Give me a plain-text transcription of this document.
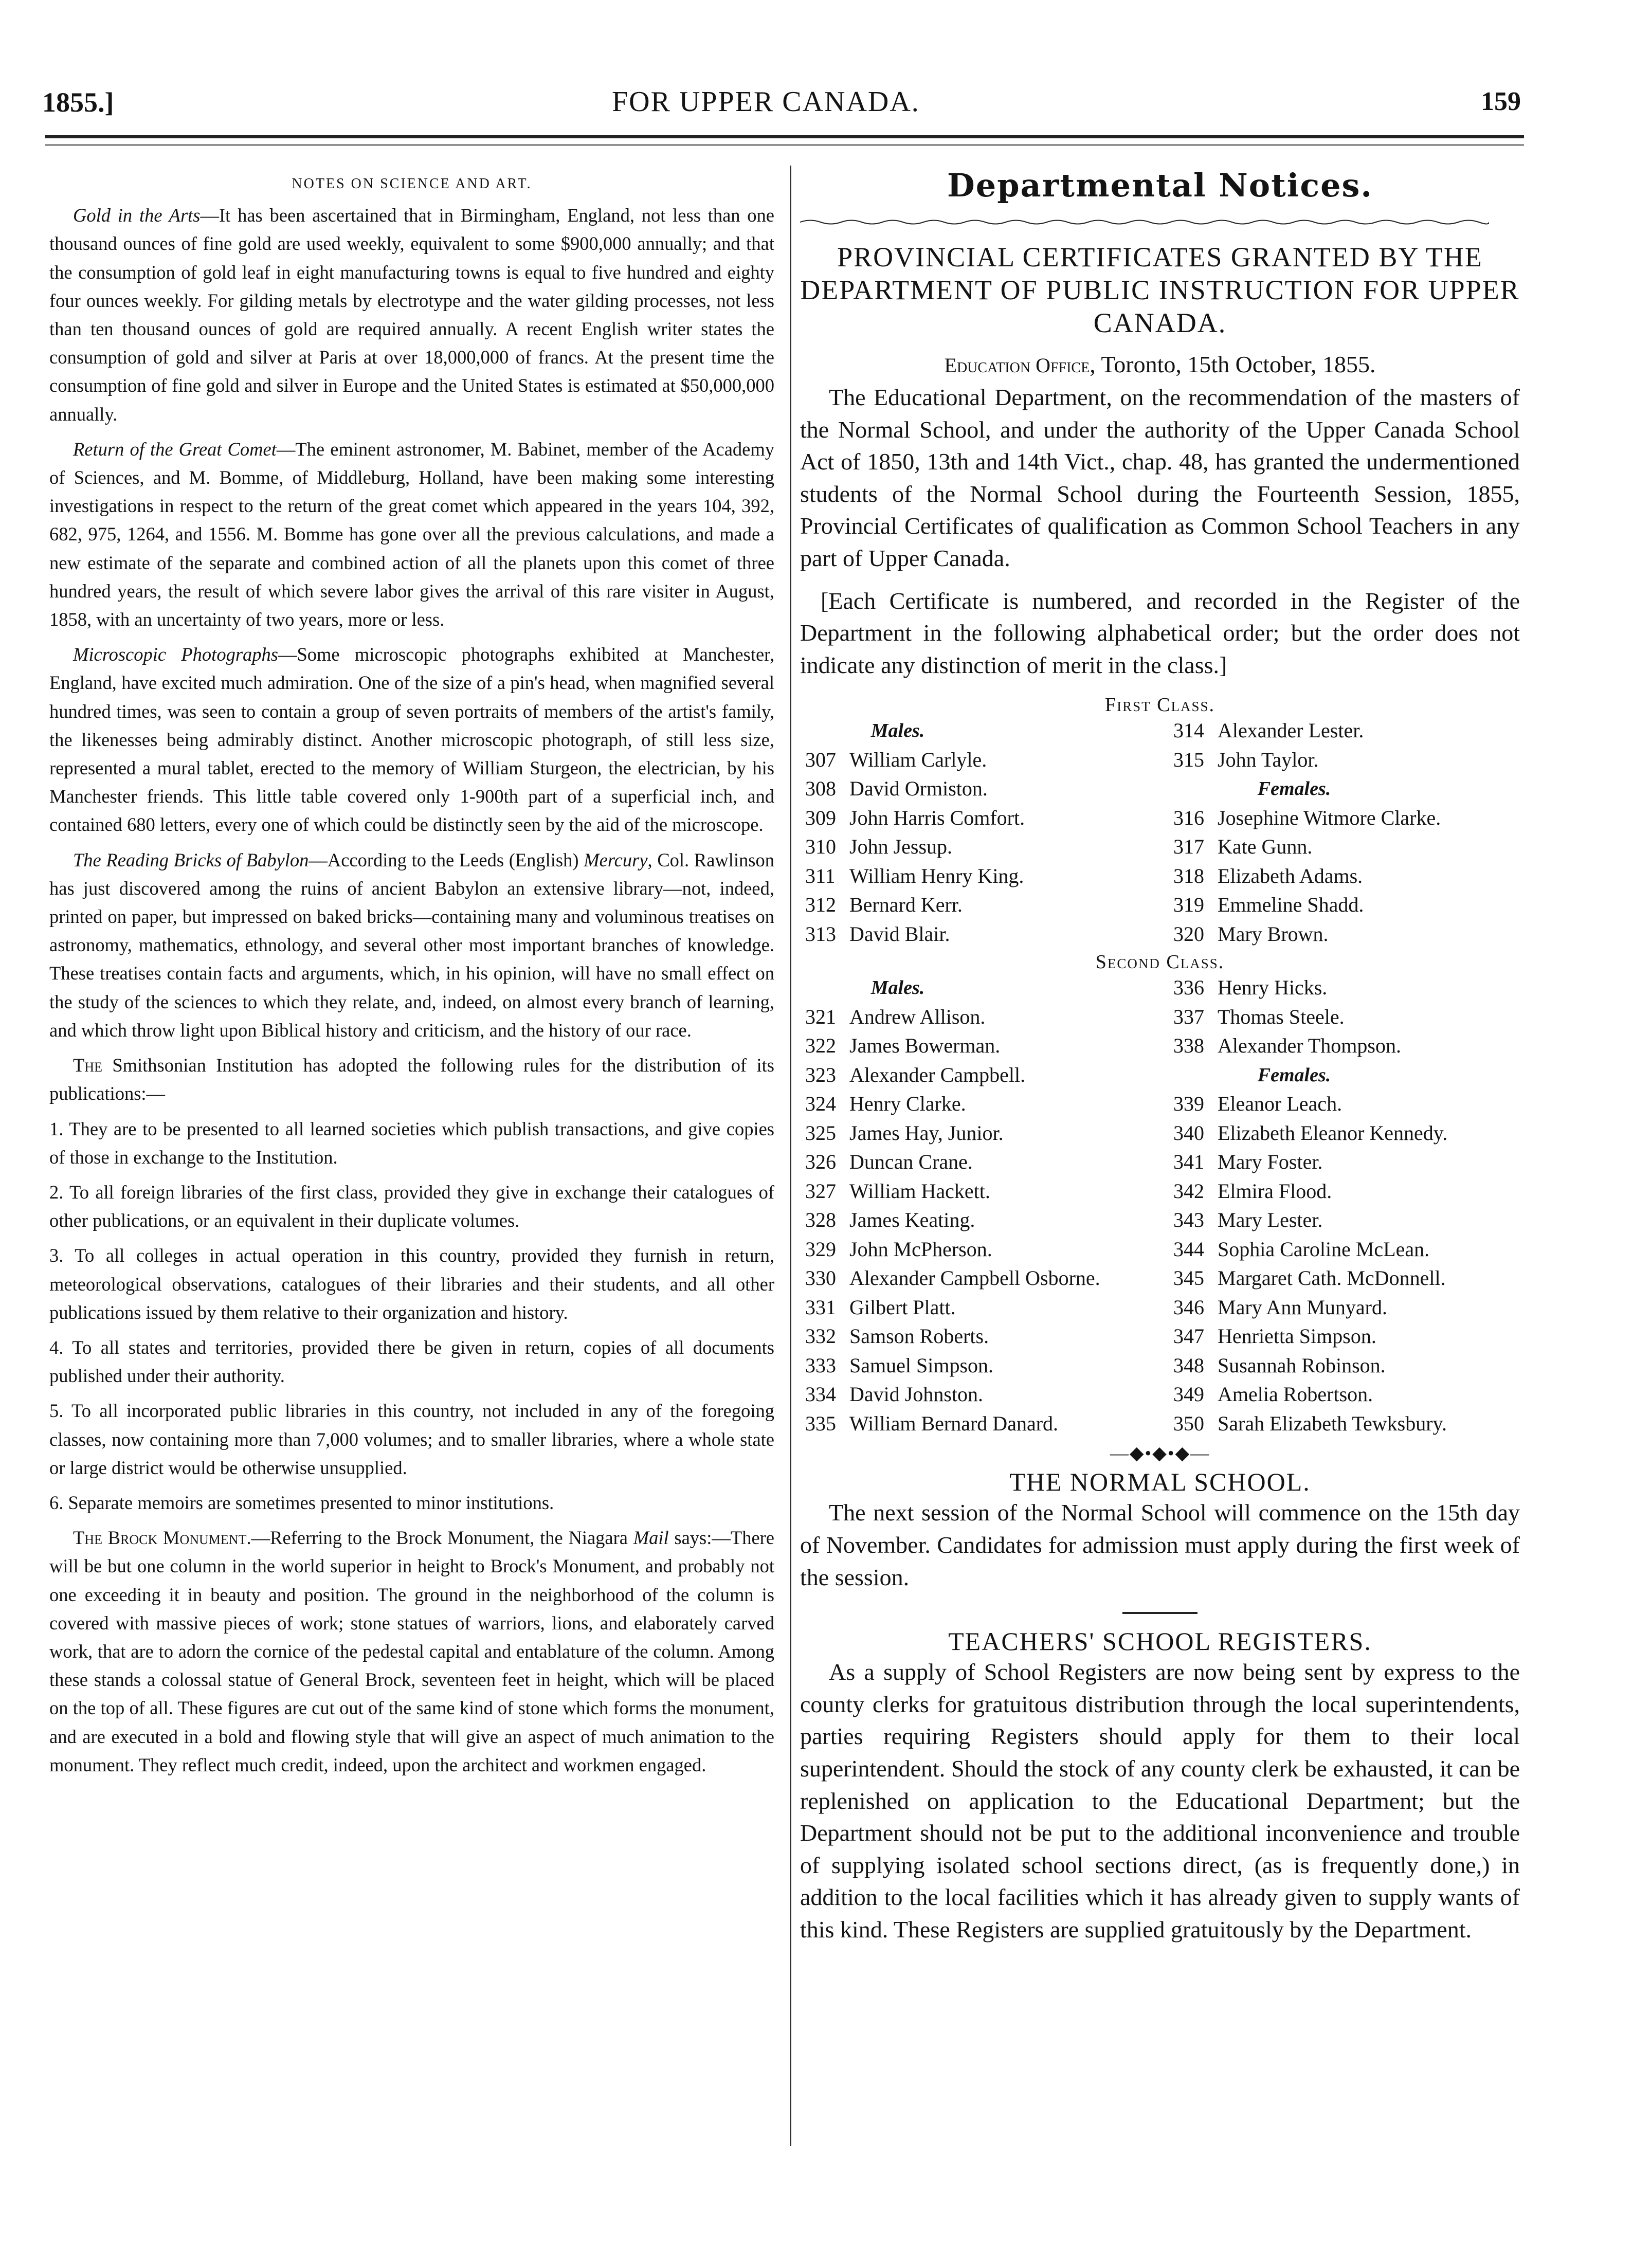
1855.]	FOR UPPER CANADA.	159

NOTES ON SCIENCE AND ART.

Gold in the Arts—It has been ascertained that in Birmingham, England, not less than one thousand ounces of fine gold are used weekly, equivalent to some $900,000 annually; and that the consumption of gold leaf in eight manufacturing towns is equal to five hundred and eighty four ounces weekly. For gilding metals by electrotype and the water gilding processes, not less than ten thousand ounces of gold are required annually. A recent English writer states the consumption of gold and silver at Paris at over 18,000,000 of francs. At the present time the consumption of fine gold and silver in Europe and the United States is estimated at $50,000,000 annually.

Return of the Great Comet—The eminent astronomer, M. Babinet, member of the Academy of Sciences, and M. Bomme, of Middleburg, Holland, have been making some interesting investigations in respect to the return of the great comet which appeared in the years 104, 392, 682, 975, 1264, and 1556. M. Bomme has gone over all the previous calculations, and made a new estimate of the separate and combined action of all the planets upon this comet of three hundred years, the result of which severe labor gives the arrival of this rare visiter in August, 1858, with an uncertainty of two years, more or less.

Microscopic Photographs—Some microscopic photographs exhibited at Manchester, England, have excited much admiration. One of the size of a pin's head, when magnified several hundred times, was seen to contain a group of seven portraits of members of the artist's family, the likenesses being admirably distinct. Another microscopic photograph, of still less size, represented a mural tablet, erected to the memory of William Sturgeon, the electrician, by his Manchester friends. This little table covered only 1-900th part of a superficial inch, and contained 680 letters, every one of which could be distinctly seen by the aid of the microscope.

The Reading Bricks of Babylon—According to the Leeds (English) Mercury, Col. Rawlinson has just discovered among the ruins of ancient Babylon an extensive library—not, indeed, printed on paper, but impressed on baked bricks—containing many and voluminous treatises on astronomy, mathematics, ethnology, and several other most important branches of knowledge. These treatises contain facts and arguments, which, in his opinion, will have no small effect on the study of the sciences to which they relate, and, indeed, on almost every branch of learning, and which throw light upon Biblical history and criticism, and the history of our race.

The Smithsonian Institution has adopted the following rules for the distribution of its publications:—

1. They are to be presented to all learned societies which publish transactions, and give copies of those in exchange to the Institution.

2. To all foreign libraries of the first class, provided they give in exchange their catalogues of other publications, or an equivalent in their duplicate volumes.

3. To all colleges in actual operation in this country, provided they furnish in return, meteorological observations, catalogues of their libraries and their students, and all other publications issued by them relative to their organization and history.

4. To all states and territories, provided there be given in return, copies of all documents published under their authority.

5. To all incorporated public libraries in this country, not included in any of the foregoing classes, now containing more than 7,000 volumes; and to smaller libraries, where a whole state or large district would be otherwise unsupplied.

6. Separate memoirs are sometimes presented to minor institutions.

The Brock Monument.—Referring to the Brock Monument, the Niagara Mail says:—There will be but one column in the world superior in height to Brock's Monument, and probably not one exceeding it in beauty and position. The ground in the neighborhood of the column is covered with massive pieces of work; stone statues of warriors, lions, and elaborately carved work, that are to adorn the cornice of the pedestal capital and entablature of the column. Among these stands a colossal statue of General Brock, seventeen feet in height, which will be placed on the top of all. These figures are cut out of the same kind of stone which forms the monument, and are executed in a bold and flowing style that will give an aspect of much animation to the monument. They reflect much credit, indeed, upon the architect and workmen engaged.

Departmental Notices.
PROVINCIAL CERTIFICATES GRANTED BY THE DEPARTMENT OF PUBLIC INSTRUCTION FOR UPPER CANADA.
Education Office, Toronto, 15th October, 1855.

The Educational Department, on the recommendation of the masters of the Normal School, and under the authority of the Upper Canada School Act of 1850, 13th and 14th Vict., chap. 48, has granted the undermentioned students of the Normal School during the Fourteenth Session, 1855, Provincial Certificates of qualification as Common School Teachers in any part of Upper Canada.

[Each Certificate is numbered, and recorded in the Register of the Department in the following alphabetical order; but the order does not indicate any distinction of merit in the class.]

First Class.
Males.
307 William Carlyle.
308 David Ormiston.
309 John Harris Comfort.
310 John Jessup.
311 William Henry King.
312 Bernard Kerr.
313 David Blair.
314 Alexander Lester.
315 John Taylor.
Females.
316 Josephine Witmore Clarke.
317 Kate Gunn.
318 Elizabeth Adams.
319 Emmeline Shadd.
320 Mary Brown.
Second Class.
Males.
321 Andrew Allison.
322 James Bowerman.
323 Alexander Campbell.
324 Henry Clarke.
325 James Hay, Junior.
326 Duncan Crane.
327 William Hackett.
328 James Keating.
329 John McPherson.
330 Alexander Campbell Osborne.
331 Gilbert Platt.
332 Samson Roberts.
333 Samuel Simpson.
334 David Johnston.
335 William Bernard Danard.
336 Henry Hicks.
337 Thomas Steele.
338 Alexander Thompson.
Females.
339 Eleanor Leach.
340 Elizabeth Eleanor Kennedy.
341 Mary Foster.
342 Elmira Flood.
343 Mary Lester.
344 Sophia Caroline McLean.
345 Margaret Cath. McDonnell.
346 Mary Ann Munyard.
347 Henrietta Simpson.
348 Susannah Robinson.
349 Amelia Robertson.
350 Sarah Elizabeth Tewksbury.
—◆•◆•◆—
THE NORMAL SCHOOL.

The next session of the Normal School will commence on the 15th day of November. Candidates for admission must apply during the first week of the session.

TEACHERS' SCHOOL REGISTERS.

As a supply of School Registers are now being sent by express to the county clerks for gratuitous distribution through the local superintendents, parties requiring Registers should apply for them to their local superintendent. Should the stock of any county clerk be exhausted, it can be replenished on application to the Educational Department; but the Department should not be put to the additional inconvenience and trouble of supplying isolated school sections direct, (as is frequently done,) in addition to the local facilities which it has already given to supply wants of this kind. These Registers are supplied gratuitously by the Department.
